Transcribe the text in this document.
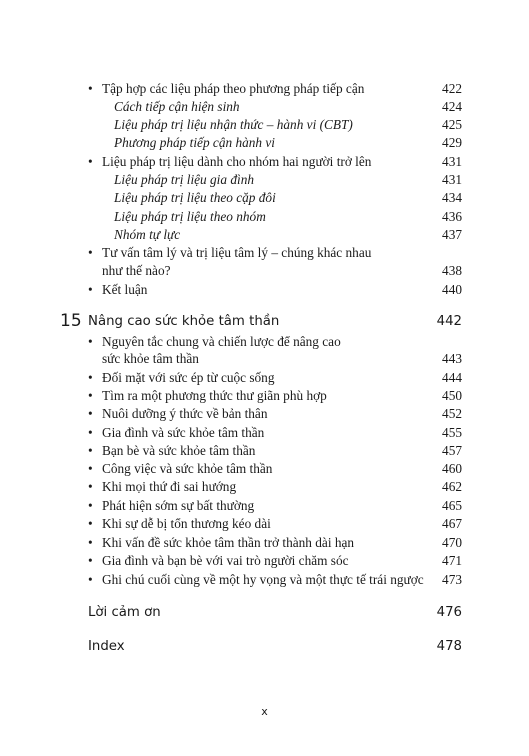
• Tập hợp các liệu pháp theo phương pháp tiếp cận	422
Cách tiếp cận hiện sinh	424
Liệu pháp trị liệu nhận thức – hành vi (CBT)	425
Phương pháp tiếp cận hành vi	429
• Liệu pháp trị liệu dành cho nhóm hai người trở lên	431
Liệu pháp trị liệu gia đình	431
Liệu pháp trị liệu theo cặp đôi	434
Liệu pháp trị liệu theo nhóm	436
Nhóm tự lực	437
• Tư vấn tâm lý và trị liệu tâm lý – chúng khác nhau
như thế nào?	438
• Kết luận	440
15 Nâng cao sức khỏe tâm thần	442
• Nguyên tắc chung và chiến lược để nâng cao
sức khỏe tâm thần	443
• Đối mặt với sức ép từ cuộc sống	444
• Tìm ra một phương thức thư giãn phù hợp	450
• Nuôi dưỡng ý thức về bản thân	452
• Gia đình và sức khỏe tâm thần	455
• Bạn bè và sức khỏe tâm thần	457
• Công việc và sức khỏe tâm thần	460
• Khi mọi thứ đi sai hướng	462
• Phát hiện sớm sự bất thường	465
• Khi sự dễ bị tổn thương kéo dài	467
• Khi vấn đề sức khỏe tâm thần trở thành dài hạn	470
• Gia đình và bạn bè với vai trò người chăm sóc	471
• Ghi chú cuối cùng về một hy vọng và một thực tế trái ngược 473
Lời cảm ơn	476
Index	478
x
